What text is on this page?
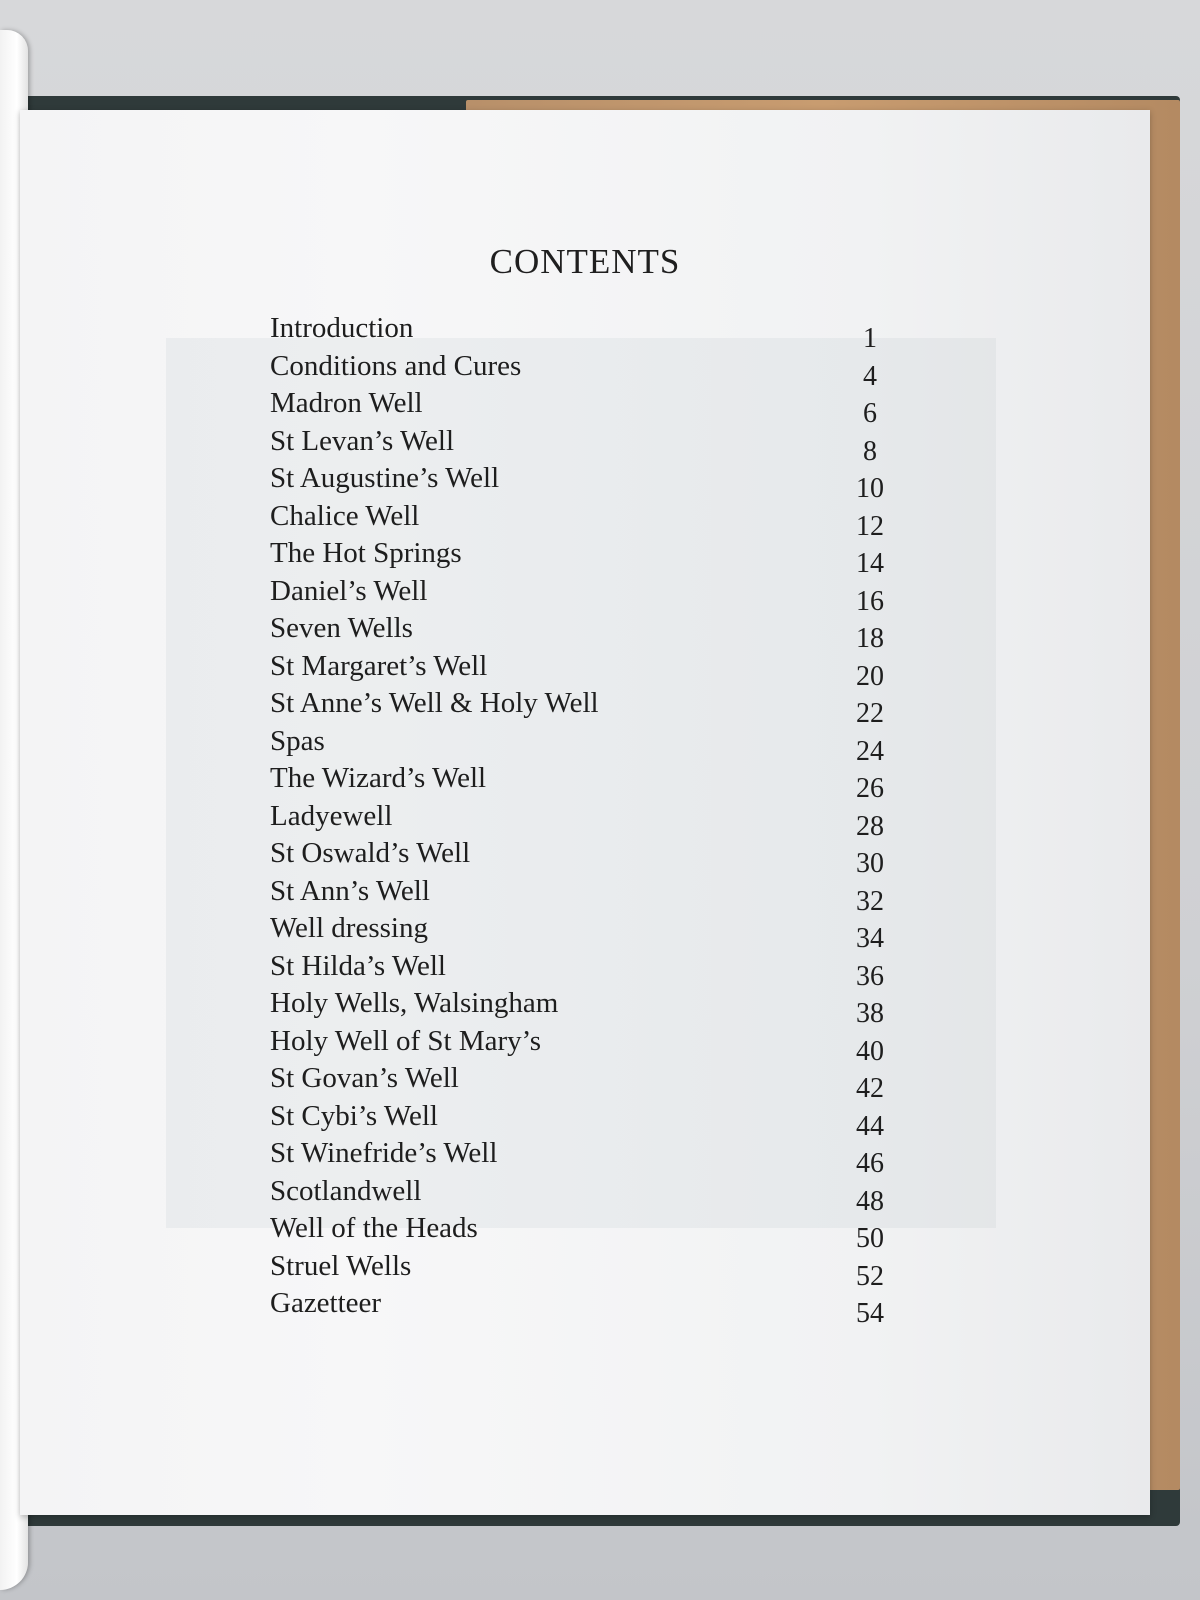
CONTENTS
Introduction	1
Conditions and Cures	4
Madron Well	6
St Levan’s Well	8
St Augustine’s Well	10
Chalice Well	12
The Hot Springs	14
Daniel’s Well	16
Seven Wells	18
St Margaret’s Well	20
St Anne’s Well & Holy Well	22
Spas	24
The Wizard’s Well	26
Ladyewell	28
St Oswald’s Well	30
St Ann’s Well	32
Well dressing	34
St Hilda’s Well	36
Holy Wells, Walsingham	38
Holy Well of St Mary’s	40
St Govan’s Well	42
St Cybi’s Well	44
St Winefride’s Well	46
Scotlandwell	48
Well of the Heads	50
Struel Wells	52
Gazetteer	54
